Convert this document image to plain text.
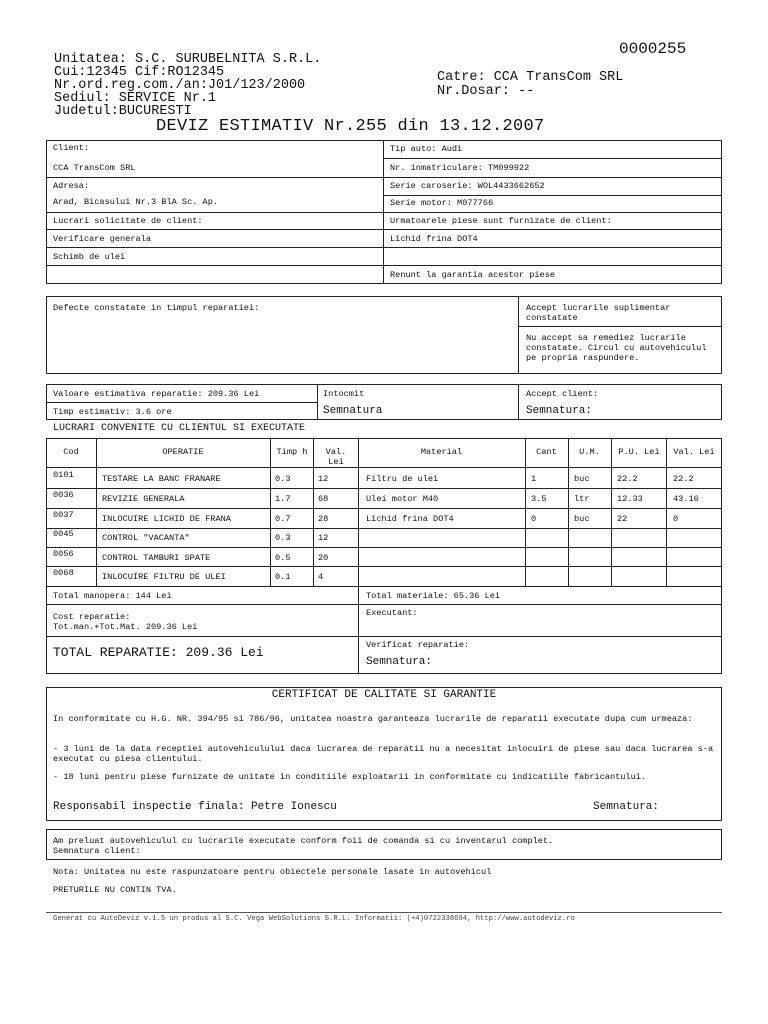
0000255
Unitatea: S.C. SURUBELNITA S.R.L.
Cui:12345 Cif:RO12345
Nr.ord.reg.com./an:J01/123/2000
Sediul: SERVICE Nr.1
Judetul:BUCURESTI
Catre: CCA TransCom SRL
Nr.Dosar: --
DEVIZ ESTIMATIV Nr.255 din 13.12.2007
Client:
CCA TransCom SRL
Adresa:
Arad, Bicasului Nr.3 BlA Sc. Ap.
Tip auto: Audi
Nr. inmatriculare: TM099922
Serie caroserie: WOL4433662652
Serie motor: M077766
Lucrari solicitate de client:	Urmatoarele piese sunt furnizate de client:
Verificare generala
Schimb de ulei
Lichid frina DOT4
Renunt la garantia acestor piese
Defecte constatate in timpul reparatiei:	Accept lucrarile suplimentar constatate
Nu accept sa remediez lucrarile constatate. Circul cu autovehiculul pe propria raspundere.
Valoare estimativa reparatie: 209.36 Lei
Timp estimativ: 3.6 ore
Intocmit
Semnatura
Accept client:
Semnatura:
LUCRARI CONVENITE CU CLIENTUL SI EXECUTATE
Cod	OPERATIE	Timp h	Val. Lei
Material	Cant	U.M.	P.U. Lei	Val. Lei
0101	TESTARE LA BANC FRANARE	0.3	12	Filtru de ulei	1	buc	22.2	22.2
0036	REVIZIE GENERALA	1.7	68	Ulei motor M40	3.5	ltr	12.33	43.16
0037	INLOCUIRE LICHID DE FRANA	0.7	28	Lichid frina DOT4	0	buc	22	0
0045	CONTROL "VACANTA"	0.3	12
0056	CONTROL TAMBURI SPATE	0.5	20
0068	INLOCUIRE FILTRU DE ULEI	0.1	4
Total manopera: 144 Lei	Total materiale: 65.36 Lei
Cost reparatie:
Tot.man.+Tot.Mat. 209.36 Lei
Executant:
TOTAL REPARATIE: 209.36 Lei	Verificat reparatie:
Semnatura:
CERTIFICAT DE CALITATE SI GARANTIE
In conformitate cu H.G. NR. 394/95 si 786/96, unitatea noastra garanteaza lucrarile de reparatii executate dupa cum urmeaza:
- 3 luni de la data receptiei autovehiculului daca lucrarea de reparatii nu a necesitat inlocuiri de piese sau daca lucrarea s-a executat cu piesa clientului.
- 18 luni pentru piese furnizate de unitate in conditiile exploatarii in conformitate cu indicatiile fabricantului.
Responsabil inspectie finala: Petre Ionescu	Semnatura:
Am preluat autovehiculul cu lucrarile executate conform foii de comanda si cu inventarul complet.
Semnatura client:
Nota: Unitatea nu este raspunzatoare pentru obiectele personale lasate in autovehicul
PRETURILE NU CONTIN TVA.
Generat cu AutoDeviz v.1.5 un produs al S.C. Vega WebSolutions S.R.L. Informatii: (+4)0722338694, http://www.autodeviz.ro
